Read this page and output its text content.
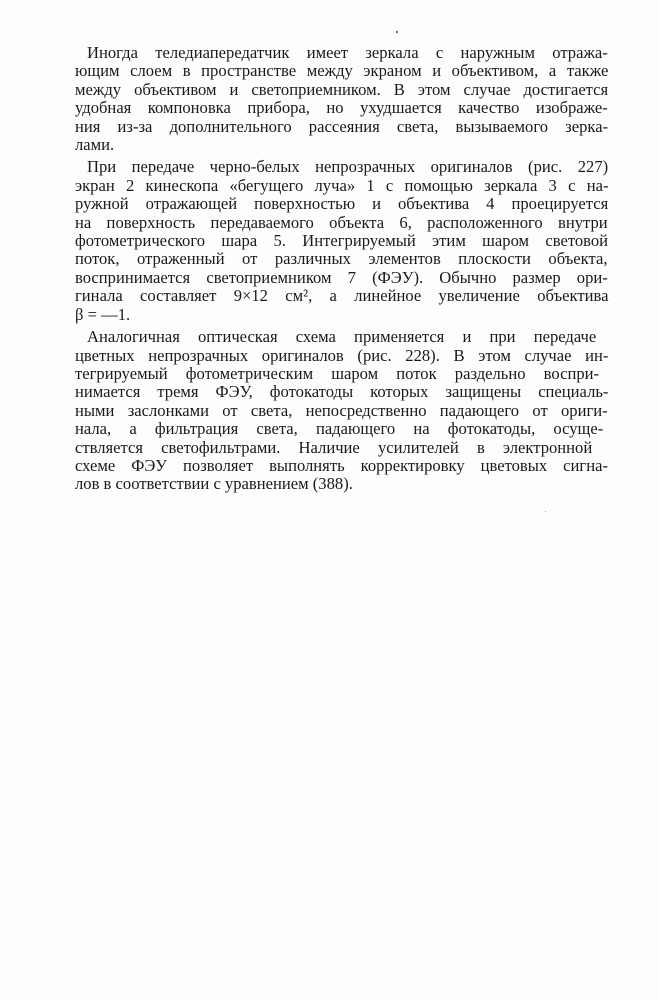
Иногда теледиапередатчик имеет зеркала с наружным отража-
ющим слоем в пространстве между экраном и объективом, а также
между объективом и светоприемником. В этом случае достигается
удобная компоновка прибора, но ухудшается качество изображе-
ния из-за дополнительного рассеяния света, вызываемого зерка-
лами.

При передаче черно-белых непрозрачных оригиналов (рис. 227)
экран 2 кинескопа «бегущего луча» 1 с помощью зеркала 3 с на-
ружной отражающей поверхностью и объектива 4 проецируется
на поверхность передаваемого объекта 6, расположенного внутри
фотометрического шара 5. Интегрируемый этим шаром световой
поток, отраженный от различных элементов плоскости объекта,
воспринимается светоприемником 7 (ФЭУ). Обычно размер ори-
гинала составляет 9×12 см², а линейное увеличение объектива
β = —1.

Аналогичная оптическая схема применяется и при передаче
цветных непрозрачных оригиналов (рис. 228). В этом случае ин-
тегрируемый фотометрическим шаром поток раздельно воспри-
нимается тремя ФЭУ, фотокатоды которых защищены специаль-
ными заслонками от света, непосредственно падающего от ориги-
нала, а фильтрация света, падающего на фотокатоды, осуще-
ствляется светофильтрами. Наличие усилителей в электронной
схеме ФЭУ позволяет выполнять корректировку цветовых сигна-
лов в соответствии с уравнением (388).
